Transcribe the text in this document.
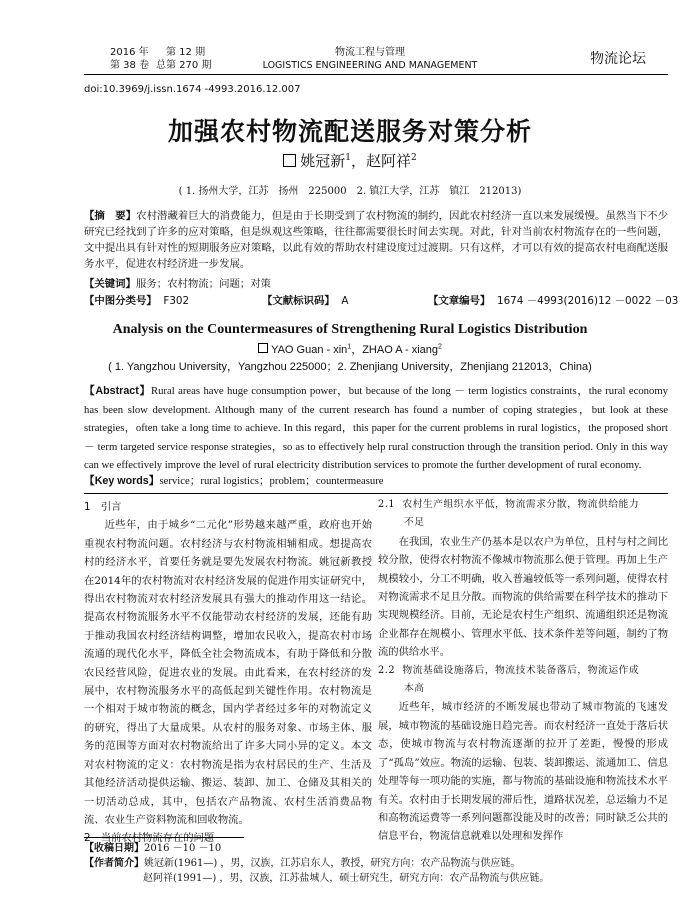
2016 年 第 12 期
第 38 卷 总第 270 期
物流工程与管理
LOGISTICS ENGINEERING AND MANAGEMENT	物流论坛
doi:10.3969/j.issn.1674 -4993.2016.12.007
加强农村物流配送服务对策分析
姚冠新$^1$，赵阿祥$^2$
( 1. 扬州大学，江苏　扬州　225000　2. 镇江大学，江苏　镇江　212013)
【摘　要】农村潜藏着巨大的消费能力，但是由于长期受到了农村物流的制约，因此农村经济一直以来发展缓慢。虽然当下不少研究已经找到了许多的应对策略，但是纵观这些策略，往往都需要很长时间去实现。对此，针对当前农村物流存在的一些问题，文中提出具有针对性的短期服务应对策略，以此有效的帮助农村建设度过过渡期。只有这样，才可以有效的提高农村电商配送服务水平，促进农村经济进一步发展。
【关键词】服务；农村物流；问题；对策
【中图分类号】 F302	【文献标识码】 A	【文章编号】 1674 －4993(2016)12 －0022 －03
Analysis on the Countermeasures of Strengthening Rural Logistics Distribution
YAO Guan - xin$^1$，ZHAO A - xiang$^2$
( 1. Yangzhou University，Yangzhou 225000；2. Zhenjiang University，Zhenjiang 212013，China)
【Abstract】Rural areas have huge consumption power，but because of the long － term logistics constraints，the rural economy has been slow development. Although many of the current research has found a number of coping strategies，but look at these strategies，often take a long time to achieve. In this regard，this paper for the current problems in rural logistics，the proposed short － term targeted service response strategies，so as to effectively help rural construction through the transition period. Only in this way can we effectively improve the level of rural electricity distribution services to promote the further development of rural economy.
【Key words】service；rural logistics；problem；countermeasure
1　引言

近些年，由于城乡“二元化”形势越来越严重，政府也开始重视农村物流问题。农村经济与农村物流相辅相成。想提高农村的经济水平，首要任务就是要先发展农村物流。姚冠新教授在2014年的农村物流对农村经济发展的促进作用实证研究中，得出农村物流对农村经济发展具有强大的推动作用这一结论。提高农村物流服务水平不仅能带动农村经济的发展，还能有助于推动我国农村经济结构调整，增加农民收入，提高农村市场流通的现代化水平，降低全社会物流成本，有助于降低和分散农民经营风险，促进农业的发展。由此看来，在农村经济的发展中，农村物流服务水平的高低起到关键性作用。农村物流是一个相对于城市物流的概念，国内学者经过多年的对物流定义的研究，得出了大量成果。从农村的服务对象、市场主体、服务的范围等方面对农村物流给出了许多大同小异的定义。本文对农村物流的定义：农村物流是指为农村居民的生产、生活及其他经济活动提供运输、搬运、装卸、加工、仓储及其相关的一切活动总成，其中，包括农产品物流、农村生活消费品物流、农业生产资料物流和回收物流。

2　当前农村物流存在的问题
2.1 农村生产组织水平低，物流需求分散，物流供给能力
不足

在我国，农业生产仍基本是以农户为单位，且村与村之间比较分散，使得农村物流不像城市物流那么便于管理。再加上生产规模较小，分工不明确，收入普遍较低等一系列问题，使得农村对物流需求不足且分散。而物流的供给需要在科学技术的推动下实现规模经济。目前，无论是农村生产组织、流通组织还是物流企业都存在规模小、管理水平低、技术条件差等问题，制约了物流的供给水平。

2.2 物流基础设施落后，物流技术装备落后，物流运作成
本高

近些年，城市经济的不断发展也带动了城市物流的飞速发展，城市物流的基础设施日趋完善。而农村经济一直处于落后状态，使城市物流与农村物流逐渐的拉开了差距，慢慢的形成了“孤岛”效应。物流的运输、包装、装卸搬运、流通加工、信息处理等每一项功能的实施，都与物流的基础设施和物流技术水平有关。农村由于长期发展的滞后性，道路状况差，总运输力不足和高物流运费等一系列问题都没能及时的改善；同时缺乏公共的信息平台，物流信息就难以处理和发挥作

【收稿日期】2016 －10 －10
【作者简介】姚冠新(1961—) ，男，汉族，江苏启东人，教授，研究方向：农产品物流与供应链。
赵阿祥(1991—) ，男，汉族，江苏盐城人，硕士研究生，研究方向：农产品物流与供应链。
